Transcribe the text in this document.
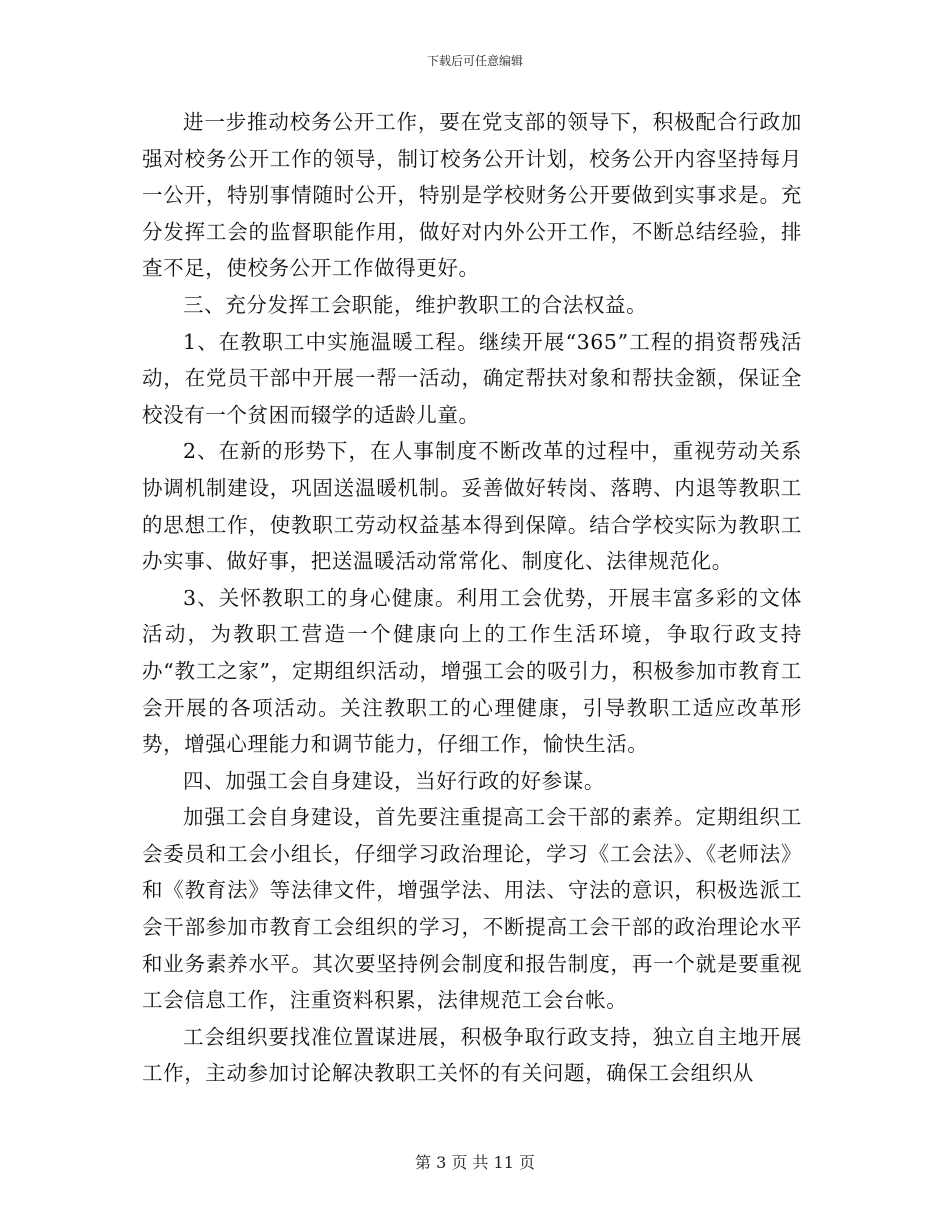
下载后可任意编辑

进一步推动校务公开工作，要在党支部的领导下，积极配合行政加强对校务公开工作的领导，制订校务公开计划，校务公开内容坚持每月一公开，特别事情随时公开，特别是学校财务公开要做到实事求是。充分发挥工会的监督职能作用，做好对内外公开工作，不断总结经验，排查不足，使校务公开工作做得更好。

三、充分发挥工会职能，维护教职工的合法权益。

1、在教职工中实施温暖工程。继续开展“365”工程的捐资帮残活动，在党员干部中开展一帮一活动，确定帮扶对象和帮扶金额，保证全校没有一个贫困而辍学的适龄儿童。

2、在新的形势下，在人事制度不断改革的过程中，重视劳动关系协调机制建设，巩固送温暖机制。妥善做好转岗、落聘、内退等教职工的思想工作，使教职工劳动权益基本得到保障。结合学校实际为教职工办实事、做好事，把送温暖活动常常化、制度化、法律规范化。

3、关怀教职工的身心健康。利用工会优势，开展丰富多彩的文体活动，为教职工营造一个健康向上的工作生活环境，争取行政支持办“教工之家”，定期组织活动，增强工会的吸引力，积极参加市教育工会开展的各项活动。关注教职工的心理健康，引导教职工适应改革形势，增强心理能力和调节能力，仔细工作，愉快生活。

四、加强工会自身建设，当好行政的好参谋。

加强工会自身建设，首先要注重提高工会干部的素养。定期组织工会委员和工会小组长，仔细学习政治理论，学习《工会法》、《老师法》和《教育法》等法律文件，增强学法、用法、守法的意识，积极选派工会干部参加市教育工会组织的学习，不断提高工会干部的政治理论水平和业务素养水平。其次要坚持例会制度和报告制度，再一个就是要重视工会信息工作，注重资料积累，法律规范工会台帐。

工会组织要找准位置谋进展，积极争取行政支持，独立自主地开展工作，主动参加讨论解决教职工关怀的有关问题，确保工会组织从

第 3 页 共 11 页
